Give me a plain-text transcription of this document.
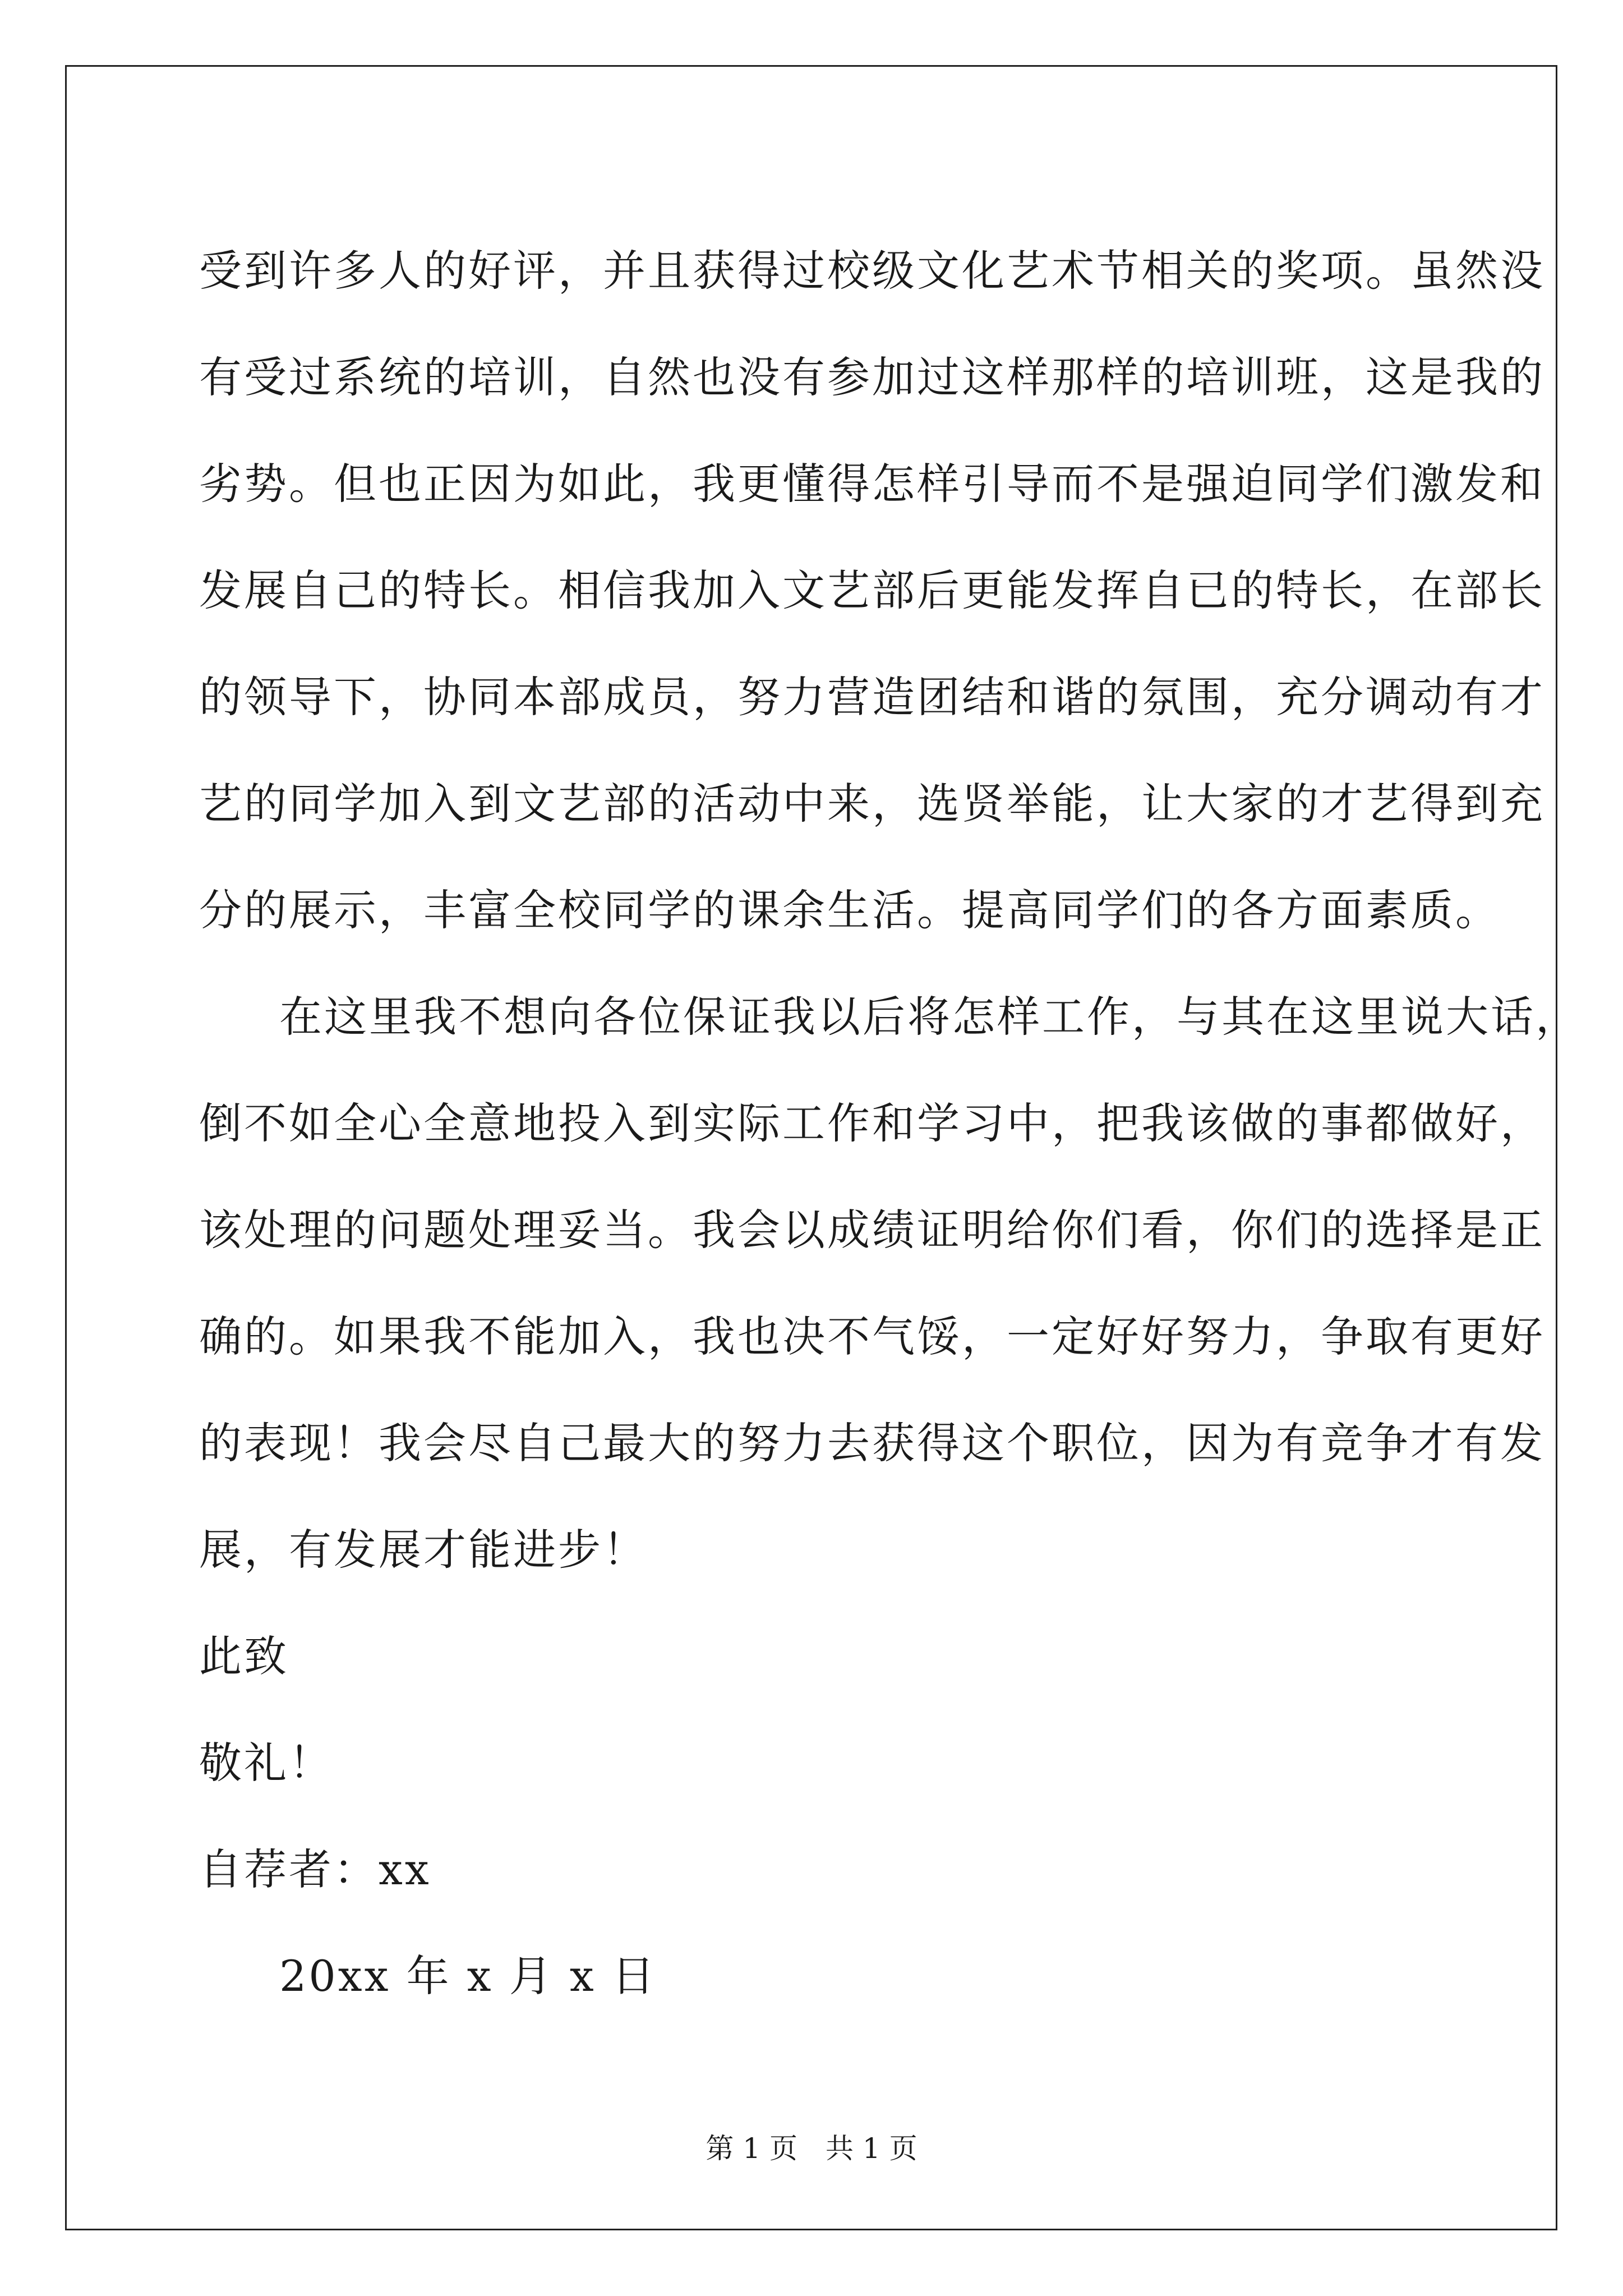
受到许多人的好评，并且获得过校级文化艺术节相关的奖项。虽然没
有受过系统的培训，自然也没有参加过这样那样的培训班，这是我的
劣势。但也正因为如此，我更懂得怎样引导而不是强迫同学们激发和
发展自己的特长。相信我加入文艺部后更能发挥自已的特长，在部长
的领导下，协同本部成员，努力营造团结和谐的氛围，充分调动有才
艺的同学加入到文艺部的活动中来，选贤举能，让大家的才艺得到充
分的展示，丰富全校同学的课余生活。提高同学们的各方面素质。
在这里我不想向各位保证我以后将怎样工作，与其在这里说大话，
倒不如全心全意地投入到实际工作和学习中，把我该做的事都做好，
该处理的问题处理妥当。我会以成绩证明给你们看，你们的选择是正
确的。如果我不能加入，我也决不气馁，一定好好努力，争取有更好
的表现！我会尽自己最大的努力去获得这个职位，因为有竞争才有发
展，有发展才能进步！
此致
敬礼！
自荐者：xx
20xx 年 x 月 x 日
第 1 页 共 1 页
